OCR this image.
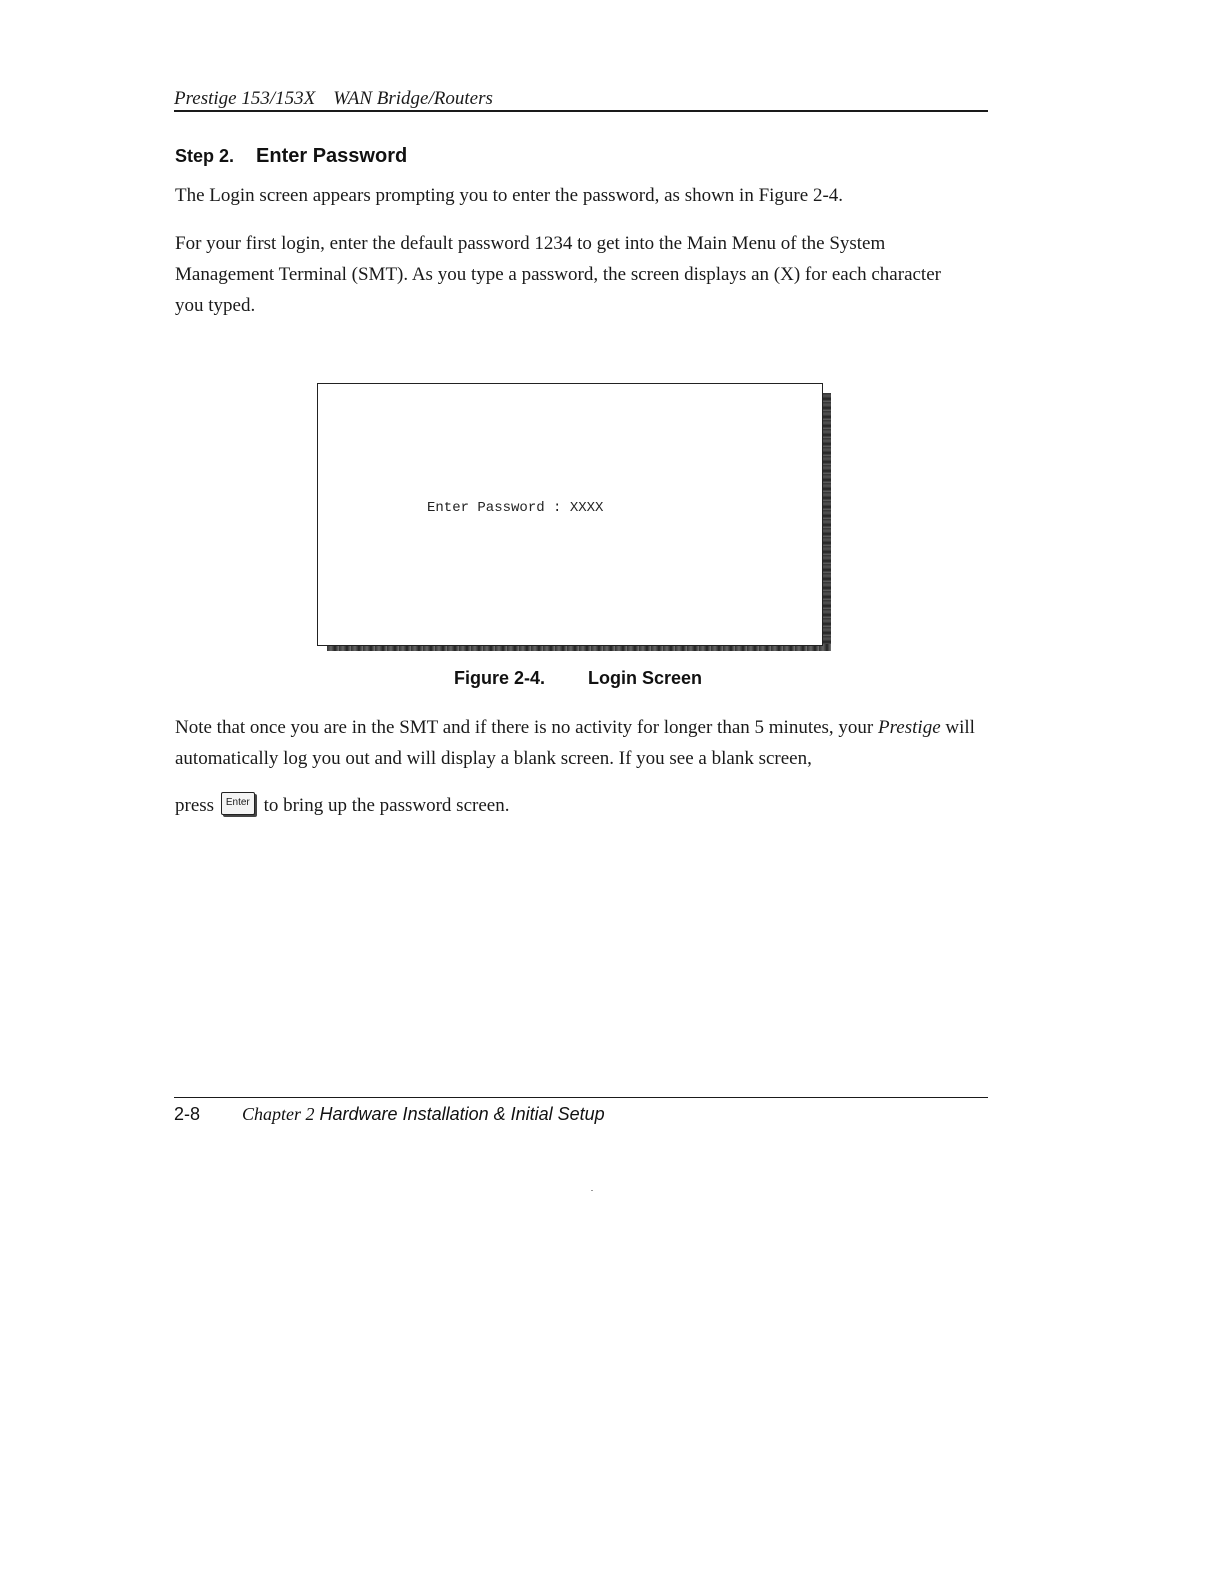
Prestige 153/153X WAN Bridge/Routers
Step 2. Enter Password
The Login screen appears prompting you to enter the password, as shown in Figure 2-4.
For your first login, enter the default password 1234 to get into the Main Menu of the System Management Terminal (SMT). As you type a password, the screen displays an (X) for each character you typed.
Enter Password : XXXX
Figure 2-4. Login Screen
Note that once you are in the SMT and if there is no activity for longer than 5 minutes, your Prestige will automatically log you out and will display a blank screen. If you see a blank screen,
press Enter to bring up the password screen.
2-8 Chapter 2 Hardware Installation & Initial Setup
